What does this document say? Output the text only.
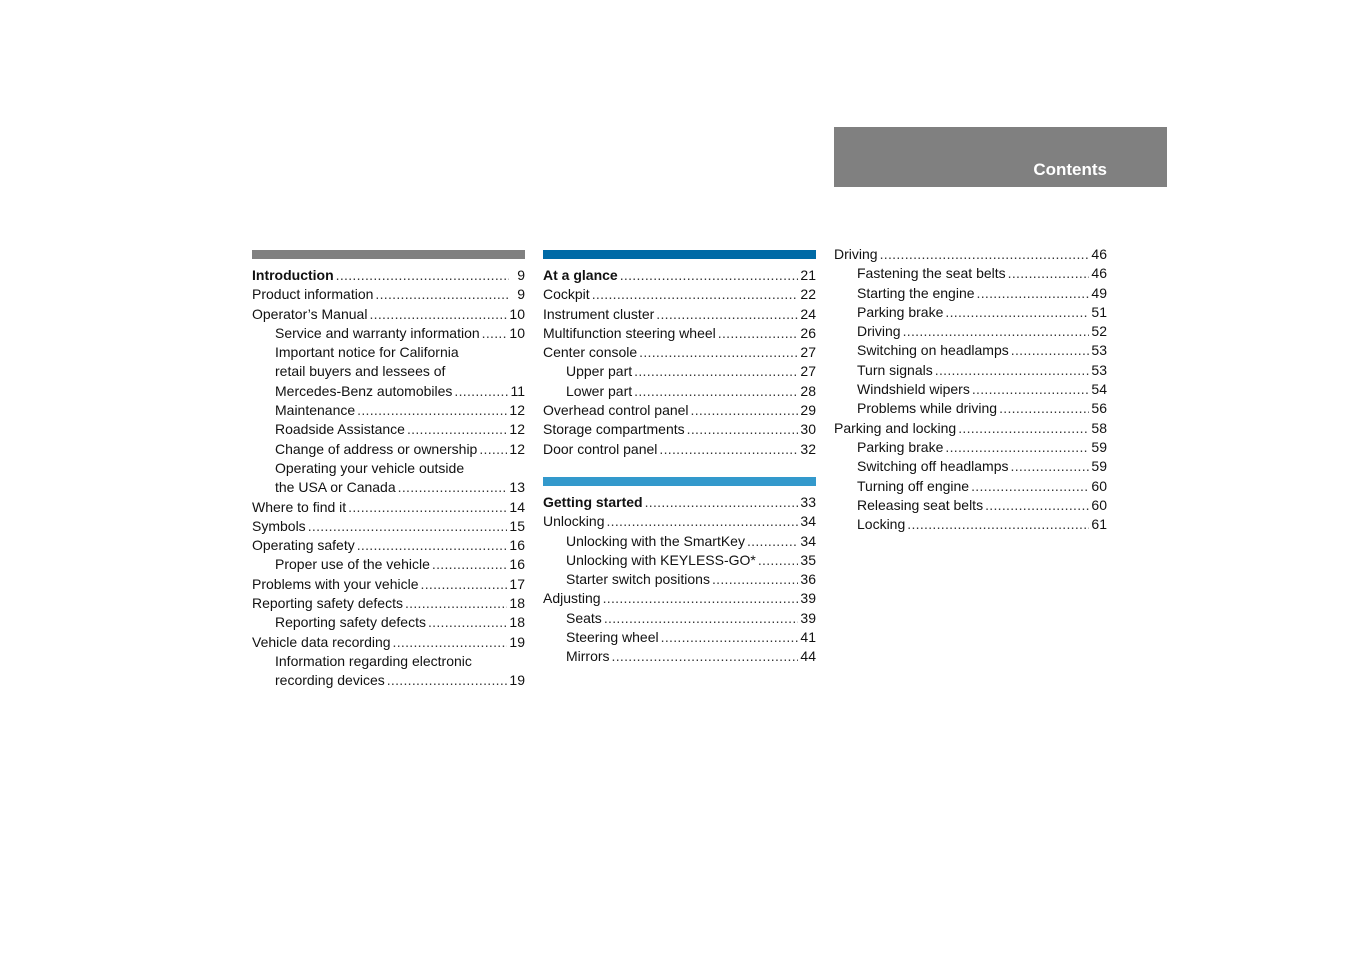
Contents
Introduction .....	9
Product information .....	9
Operator’s Manual .....	10
Service and warranty information ..... 10
Important notice for California
retail buyers and lessees of
Mercedes-Benz automobiles .....	11
Maintenance .....	12
Roadside Assistance .....	12
Change of address or ownership ..... 12
Operating your vehicle outside
the USA or Canada .....	13
Where to find it .....	14
Symbols .....	15
Operating safety .....	16
Proper use of the vehicle .....	16
Problems with your vehicle .....	17
Reporting safety defects .....	18
Reporting safety defects .....	18
Vehicle data recording .....	19
Information regarding electronic
recording devices .....	19
At a glance .....	21
Cockpit .....	22
Instrument cluster .....	24
Multifunction steering wheel .....	26
Center console .....	27
Upper part .....	27
Lower part .....	28
Overhead control panel .....	29
Storage compartments .....	30
Door control panel .....	32
Getting started .....	33
Unlocking .....	34
Unlocking with the SmartKey .....	34
Unlocking with KEYLESS-GO* .....	35
Starter switch positions .....	36
Adjusting .....	39
Seats .....	39
Steering wheel .....	41
Mirrors .....	44
Driving .....	46
Fastening the seat belts .....	46
Starting the engine .....	49
Parking brake .....	51
Driving .....	52
Switching on headlamps .....	53
Turn signals .....	53
Windshield wipers .....	54
Problems while driving .....	56
Parking and locking .....	58
Parking brake .....	59
Switching off headlamps .....	59
Turning off engine .....	60
Releasing seat belts .....	60
Locking .....	61
